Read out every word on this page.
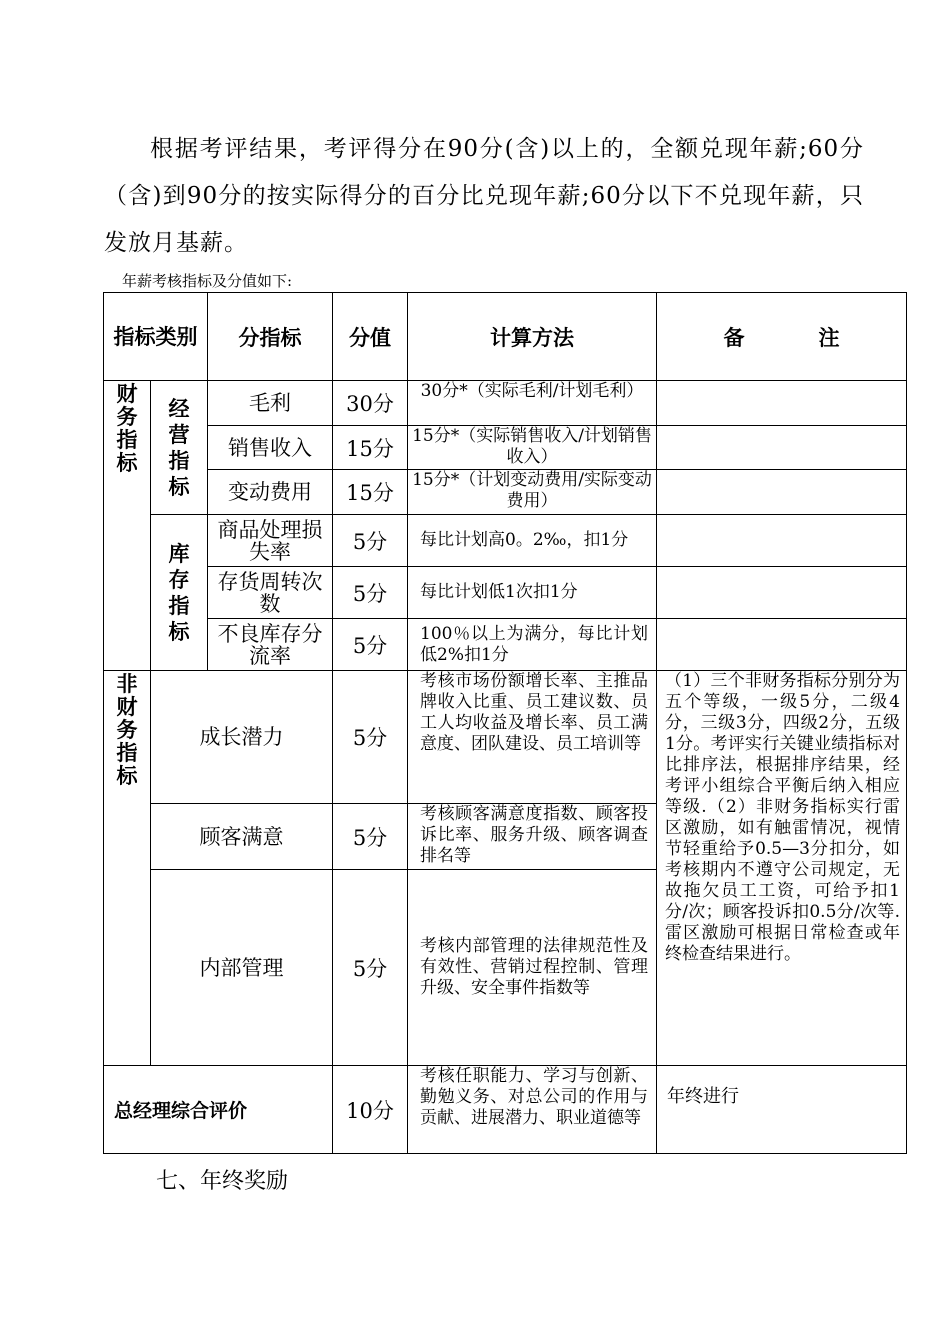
根据考评结果，考评得分在90分(含)以上的，全额兑现年薪;60分（含)到90分的按实际得分的百分比兑现年薪;60分以下不兑现年薪，只发放月基薪。
年薪考核指标及分值如下:
指标类别		分指标	分值	计算方法	备 注

财务指标	经营指标	毛利	30分	30分*（实际毛利/计划毛利）	
		销售收入	15分	15分*（实际销售收入/计划销售收入）	
		变动费用	15分	15分*（计划变动费用/实际变动费用）	

	库存指标	商品处理损失率	5分	每比计划高0。2‰，扣1分	
		存货周转次数	5分	每比计划低1次扣1分	
		不良库存分流率	5分	100％以上为满分，每比计划低2%扣1分	

非财务指标	成长潜力		5分	考核市场份额增长率、主推品牌收入比重、员工建议数、员工人均收益及增长率、员工满意度、团队建设、员工培训等	（1）三个非财务指标分别分为五个等级，一级5分，二级4分，三级3分，四级2分，五级1分。考评实行关键业绩指标对比排序法，根据排序结果，经考评小组综合平衡后纳入相应等级.（2）非财务指标实行雷区激励，如有触雷情况，视情节轻重给予0.5—3分扣分，如考核期内不遵守公司规定，无故拖欠员工工资，可给予扣1分/次；顾客投诉扣0.5分/次等.雷区激励可根据日常检查或年终检查结果进行。
	顾客满意		5分	考核顾客满意度指数、顾客投诉比率、服务升级、顾客调查排名等	
	内部管理		5分	考核内部管理的法律规范性及有效性、营销过程控制、管理升级、安全事件指数等	
总经理综合评价			10分	考核任职能力、学习与创新、勤勉义务、对总公司的作用与贡献、进展潜力、职业道德等	年终进行
七、年终奖励
